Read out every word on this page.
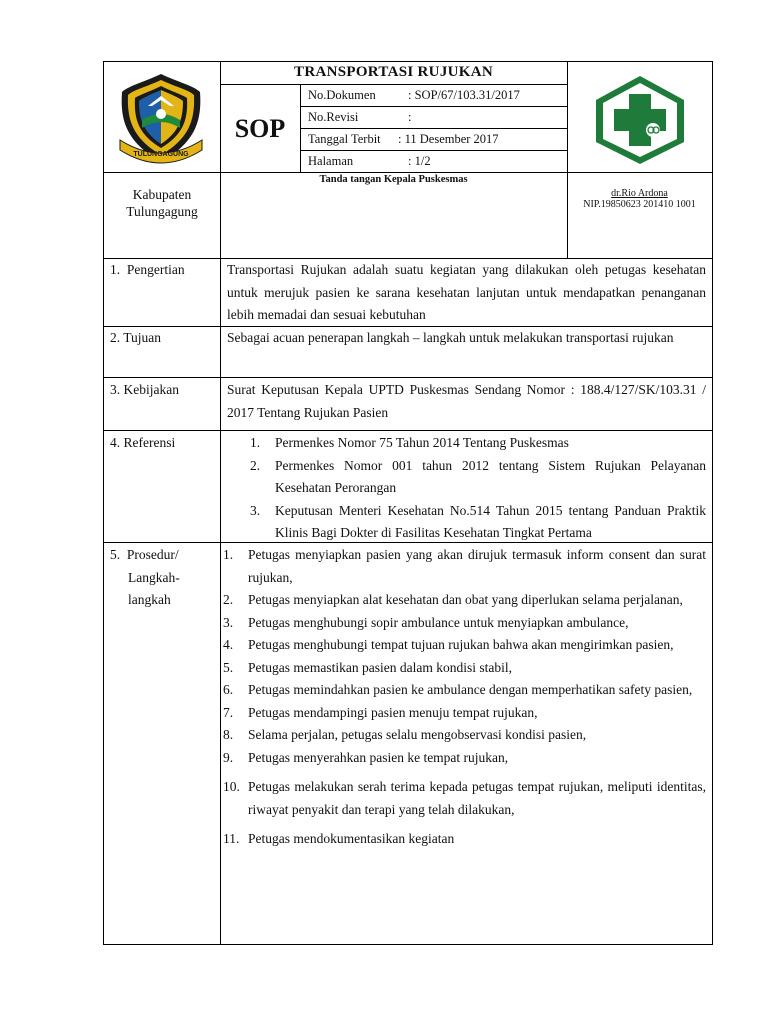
TULUNGAGUNG
TRANSPORTASI RUJUKAN
SOP
No.Dokumen	: SOP/67/103.31/2017
No.Revisi	:
Tanggal Terbit : 11 Desember 2017
Halaman	: 1/2
Kabupaten Tulungagung
Tanda tangan Kepala Puskesmas
dr.Rio Ardona
NIP.19850623 201410 1001
1.  Pengertian	Transportasi Rujukan adalah suatu kegiatan yang dilakukan oleh petugas kesehatan untuk merujuk pasien ke sarana kesehatan lanjutan untuk mendapatkan penanganan lebih memadai dan sesuai kebutuhan
2. Tujuan	Sebagai acuan penerapan langkah – langkah untuk melakukan transportasi rujukan
3. Kebijakan	Surat Keputusan Kepala UPTD Puskesmas Sendang Nomor : 188.4/127/SK/103.31 / 2017 Tentang Rujukan Pasien
4. Referensi	1. Permenkes Nomor 75 Tahun 2014 Tentang Puskesmas
2. Permenkes Nomor 001 tahun 2012 tentang Sistem Rujukan Pelayanan Kesehatan Perorangan
3. Keputusan Menteri Kesehatan No.514 Tahun 2015 tentang Panduan Praktik Klinis Bagi Dokter di Fasilitas Kesehatan Tingkat Pertama
5.  Prosedur/
Langkah-
langkah
1. Petugas menyiapkan pasien yang akan dirujuk termasuk inform consent dan surat rujukan,
2. Petugas menyiapkan alat kesehatan dan obat yang diperlukan selama perjalanan,
3. Petugas menghubungi sopir ambulance untuk menyiapkan ambulance,
4. Petugas menghubungi tempat tujuan rujukan bahwa akan mengirimkan pasien,
5. Petugas memastikan pasien dalam kondisi stabil,
6. Petugas memindahkan pasien ke ambulance dengan memperhatikan safety pasien,
7. Petugas mendampingi pasien menuju tempat rujukan,
8. Selama perjalan, petugas selalu mengobservasi kondisi pasien,
9. Petugas menyerahkan pasien ke tempat rujukan,
10. Petugas melakukan serah terima kepada petugas tempat rujukan, meliputi identitas, riwayat penyakit dan terapi yang telah dilakukan,
11. Petugas mendokumentasikan kegiatan
